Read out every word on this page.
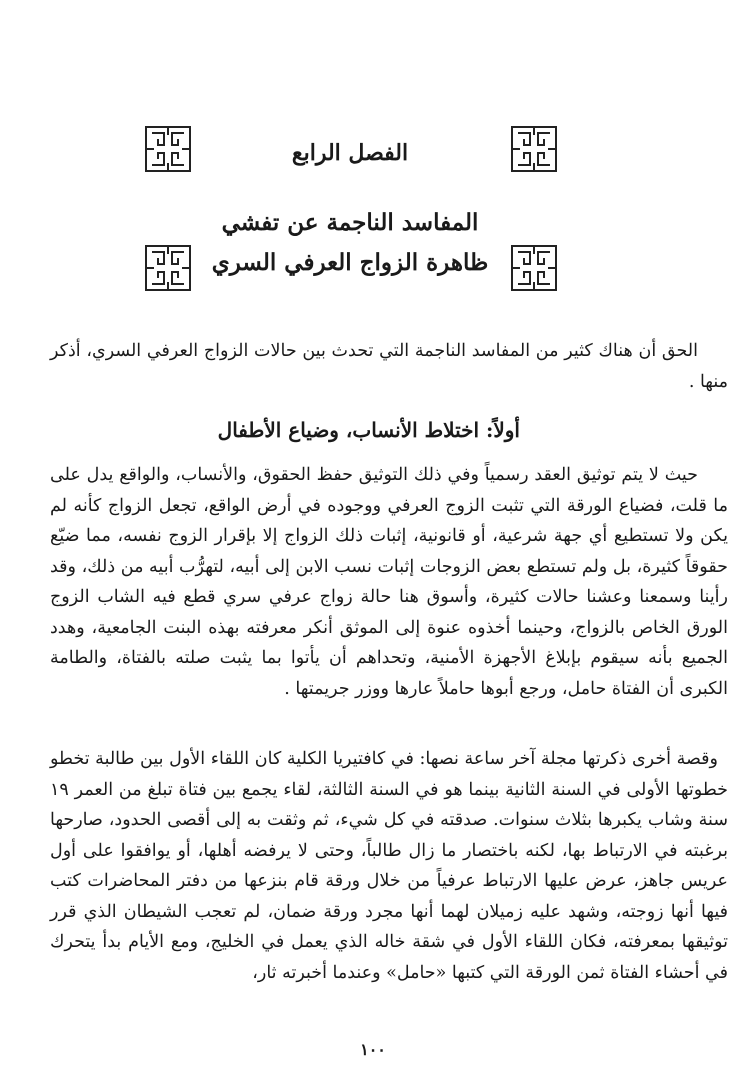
الفصل الرابع
المفاسد الناجمة عن تفشي
ظاهرة الزواج العرفي السري

الحق أن هناك كثير من المفاسد الناجمة التي تحدث بين حالات الزواج العرفي السري، أذكر منها .

أولاً: اختلاط الأنساب، وضياع الأطفال

حيث لا يتم توثيق العقد رسمياً وفي ذلك التوثيق حفظ الحقوق، والأنساب، والواقع يدل على ما قلت، فضياع الورقة التي تثبت الزوج العرفي ووجوده في أرض الواقع، تجعل الزواج كأنه لم يكن ولا تستطيع أي جهة شرعية، أو قانونية، إثبات ذلك الزواج إلا بإقرار الزوج نفسه، مما ضيّع حقوقاً كثيرة، بل ولم تستطع بعض الزوجات إثبات نسب الابن إلى أبيه، لتهرُّب أبيه من ذلك، وقد رأينا وسمعنا وعشنا حالات كثيرة، وأسوق هنا حالة زواج عرفي سري قطع فيه الشاب الزوج الورق الخاص بالزواج، وحينما أخذوه عنوة إلى الموثق أنكر معرفته بهذه البنت الجامعية، وهدد الجميع بأنه سيقوم بإبلاغ الأجهزة الأمنية، وتحداهم أن يأتوا بما يثبت صلته بالفتاة، والطامة الكبرى أن الفتاة حامل، ورجع أبوها حاملاً عارها ووزر جريمتها .

وقصة أخرى ذكرتها مجلة آخر ساعة نصها: في كافتيريا الكلية كان اللقاء الأول بين طالبة تخطو خطوتها الأولى في السنة الثانية بينما هو في السنة الثالثة، لقاء يجمع بين فتاة تبلغ من العمر ١٩ سنة وشاب يكبرها بثلاث سنوات. صدقته في كل شيء، ثم وثقت به إلى أقصى الحدود، صارحها برغبته في الارتباط بها، لكنه باختصار ما زال طالباً، وحتى لا يرفضه أهلها، أو يوافقوا على أول عريس جاهز، عرض عليها الارتباط عرفياً من خلال ورقة قام بنزعها من دفتر المحاضرات كتب فيها أنها زوجته، وشهد عليه زميلان لهما أنها مجرد ورقة ضمان، لم تعجب الشيطان الذي قرر توثيقها بمعرفته، فكان اللقاء الأول في شقة خاله الذي يعمل في الخليج، ومع الأيام بدأ يتحرك في أحشاء الفتاة ثمن الورقة التي كتبها «حامل» وعندما أخبرته ثار،

١٠٠
